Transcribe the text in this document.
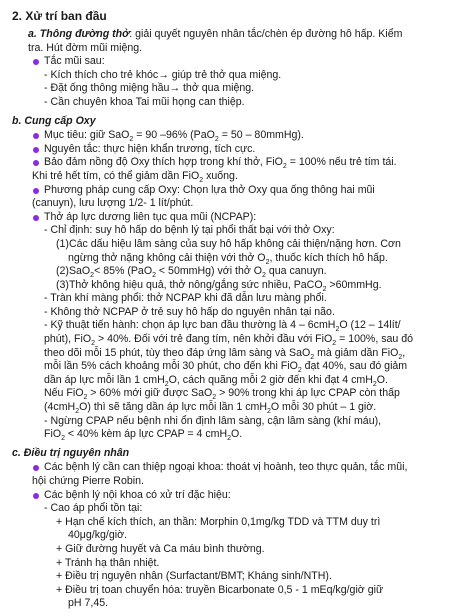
2. Xử trí ban đầu
a. Thông đường thở: giải quyết nguyên nhân tắc/chèn ép đường hô hấp. Kiểm
tra. Hút đờm mũi miệng.
Tắc mũi sau:
- Kích thích cho trẻ khóc→ giúp trẻ thở qua miệng.
- Đặt ống thông miệng hầu→ thở qua miệng.
- Cần chuyên khoa Tai mũi họng can thiệp.
b. Cung cấp Oxy
Mục tiêu: giữ SaO$_2$ = 90 –96% (PaO$_2$ = 50 – 80mmHg).
Nguyên tắc: thực hiện khẩn trương, tích cực.
Bảo đảm nồng độ Oxy thích hợp trong khí thở, FiO$_2$ = 100% nếu trẻ tím tái.
Khi trẻ hết tím, có thể giảm dần FiO$_2$ xuống.
Phương pháp cung cấp Oxy: Chọn lựa thở Oxy qua ống thông hai mũi
(canuyn), lưu lượng 1/2- 1 lít/phút.
Thở áp lực dương liên tục qua mũi (NCPAP):
- Chỉ định: suy hô hấp do bệnh lý tại phổi thất bại với thở Oxy:
(1)Các dấu hiệu lâm sàng của suy hô hấp không cải thiện/nặng hơn. Cơn
ngừng thở nặng không cải thiện với thở $O_2$, thuốc kích thích hô hấp.
(2)SaO$_2$< 85% (PaO$_2$ < 50mmHg) với thở $O_2$ qua canuyn.
(3)Thở không hiệu quả, thở nông/gắng sức nhiều, PaCO$_2$ >60mmHg.
- Tràn khí màng phổi: thở NCPAP khi đã dẫn lưu màng phổi.
- Không thở NCPAP ở trẻ suy hô hấp do nguyên nhân tại não.
- Kỹ thuật tiến hành: chọn áp lực ban đầu thường là 4 – 6cmH$_2$O (12 – 14lít/
phút), FiO$_2$ > 40%. Đối với trẻ đang tím, nên khởi đầu với FiO$_2$ = 100%, sau đó
theo dõi mỗi 15 phút, tùy theo đáp ứng lâm sàng và SaO$_2$ mà giảm dần FiO$_2$,
mỗi lần 5% cách khoảng mỗi 30 phút, cho đến khi FiO$_2$ đạt 40%, sau đó giảm
dần áp lực mỗi lần 1 cmH$_2$O, cách quãng mỗi 2 giờ đến khi đạt 4 cmH$_2$O.
Nếu FiO$_2$ > 60% mới giữ được SaO$_2$ > 90% trong khi áp lực CPAP còn thấp
(4cmH$_2$O) thì sẽ tăng dần áp lực mỗi lần 1 cmH$_2$O mỗi 30 phút – 1 giờ.
- Ngừng CPAP nếu bệnh nhi ổn định lâm sàng, cận lâm sàng (khí máu),
FiO$_2$ < 40% kèm áp lực CPAP = 4 cmH$_2$O.
c. Điều trị nguyên nhân
Các bệnh lý cần can thiệp ngoại khoa: thoát vị hoành, teo thực quản, tắc mũi,
hội chứng Pierre Robin.
Các bệnh lý nội khoa có xử trí đặc hiệu:
- Cao áp phổi tồn tại:
+ Hạn chế kích thích, an thần: Morphin 0,1mg/kg TDD và TTM duy trì
40μg/kg/giờ.
+ Giữ đường huyết và Ca máu bình thường.
+ Tránh hạ thân nhiệt.
+ Điều trị nguyên nhân (Surfactant/BMT; Kháng sinh/NTH).
+ Điều trị toan chuyển hóa: truyền Bicarbonate 0,5 - 1 mEq/kg/giờ giữ
pH 7,45.
